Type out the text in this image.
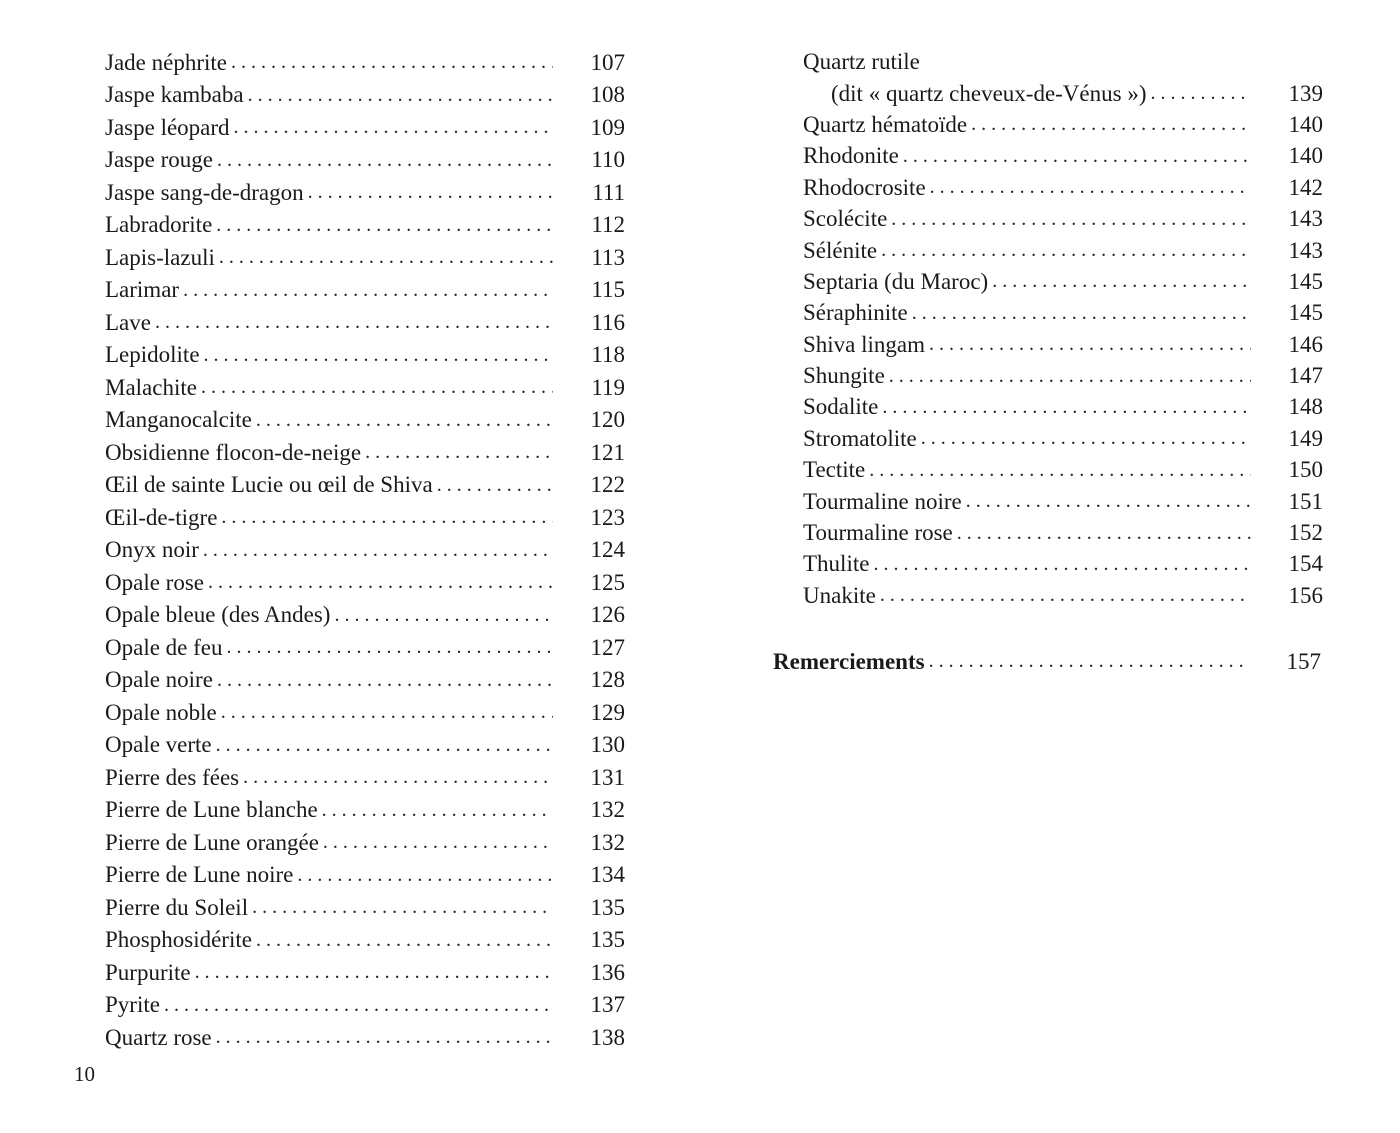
Jade néphrite . . .	107
Jaspe kambaba . . .	108
Jaspe léopard . . .	109
Jaspe rouge . . .	110
Jaspe sang-de-dragon . . .	111
Labradorite . . .	112
Lapis-lazuli . . .	113
Larimar . . .	115
Lave . . .	116
Lepidolite . . .	118
Malachite . . .	119
Manganocalcite . . .	120
Obsidienne flocon-de-neige . . .	121
Œil de sainte Lucie ou œil de Shiva . . .	122
Œil-de-tigre . . .	123
Onyx noir . . .	124
Opale rose . . .	125
Opale bleue (des Andes) . . .	126
Opale de feu . . .	127
Opale noire . . .	128
Opale noble . . .	129
Opale verte . . .	130
Pierre des fées . . .	131
Pierre de Lune blanche . . .	132
Pierre de Lune orangée . . .	132
Pierre de Lune noire . . .	134
Pierre du Soleil . . .	135
Phosphosidérite . . .	135
Purpurite . . .	136
Pyrite . . .	137
Quartz rose . . .	138
Quartz rutile
(dit « quartz cheveux-de-Vénus ») . . .	139
Quartz hématoïde . . .	140
Rhodonite . . .	140
Rhodocrosite . . .	142
Scolécite . . .	143
Sélénite . . .	143
Septaria (du Maroc) . . .	145
Séraphinite . . .	145
Shiva lingam . . .	146
Shungite . . .	147
Sodalite . . .	148
Stromatolite . . .	149
Tectite . . .	150
Tourmaline noire . . .	151
Tourmaline rose . . .	152
Thulite . . .	154
Unakite . . .	156
Remerciements . . .	157
10
